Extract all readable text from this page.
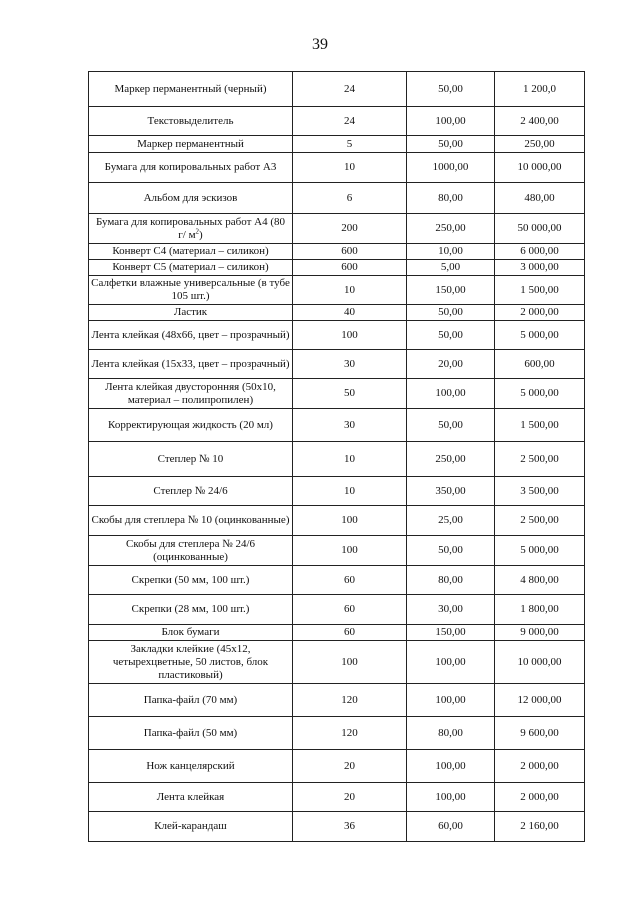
39
Маркер перманентный (черный)	24	50,00	1 200,0
Текстовыделитель	24	100,00	2 400,00
Маркер перманентный	5	50,00	250,00
Бумага для копировальных работ А3	10	1000,00	10 000,00
Альбом для эскизов	6	80,00	480,00
Бумага для копировальных работ А4 (80 г/ $м^2$)	200	250,00	50 000,00
Конверт С4 (материал – силикон)	600	10,00	6 000,00
Конверт С5 (материал – силикон)	600	5,00	3 000,00
Салфетки влажные универсальные (в тубе 105 шт.)	10	150,00	1 500,00
Ластик	40	50,00	2 000,00
Лента клейкая (48х66, цвет – прозрачный)	100	50,00	5 000,00
Лента клейкая (15х33, цвет – прозрачный)	30	20,00	600,00
Лента клейкая двусторонняя (50х10, материал – полипропилен)	50	100,00	5 000,00
Корректирующая жидкость (20 мл)	30	50,00	1 500,00
Степлер № 10	10	250,00	2 500,00
Степлер № 24/6	10	350,00	3 500,00
Скобы для степлера № 10 (оцинкованные)	100	25,00	2 500,00
Скобы для степлера № 24/6 (оцинкованные)	100	50,00	5 000,00
Скрепки (50 мм, 100 шт.)	60	80,00	4 800,00
Скрепки (28 мм, 100 шт.)	60	30,00	1 800,00
Блок бумаги	60	150,00	9 000,00
Закладки клейкие (45х12, четырехцветные, 50 листов, блок пластиковый)	100	100,00	10 000,00
Папка-файл (70 мм)	120	100,00	12 000,00
Папка-файл (50 мм)	120	80,00	9 600,00
Нож канцелярский	20	100,00	2 000,00
Лента клейкая	20	100,00	2 000,00
Клей-карандаш	36	60,00	2 160,00
